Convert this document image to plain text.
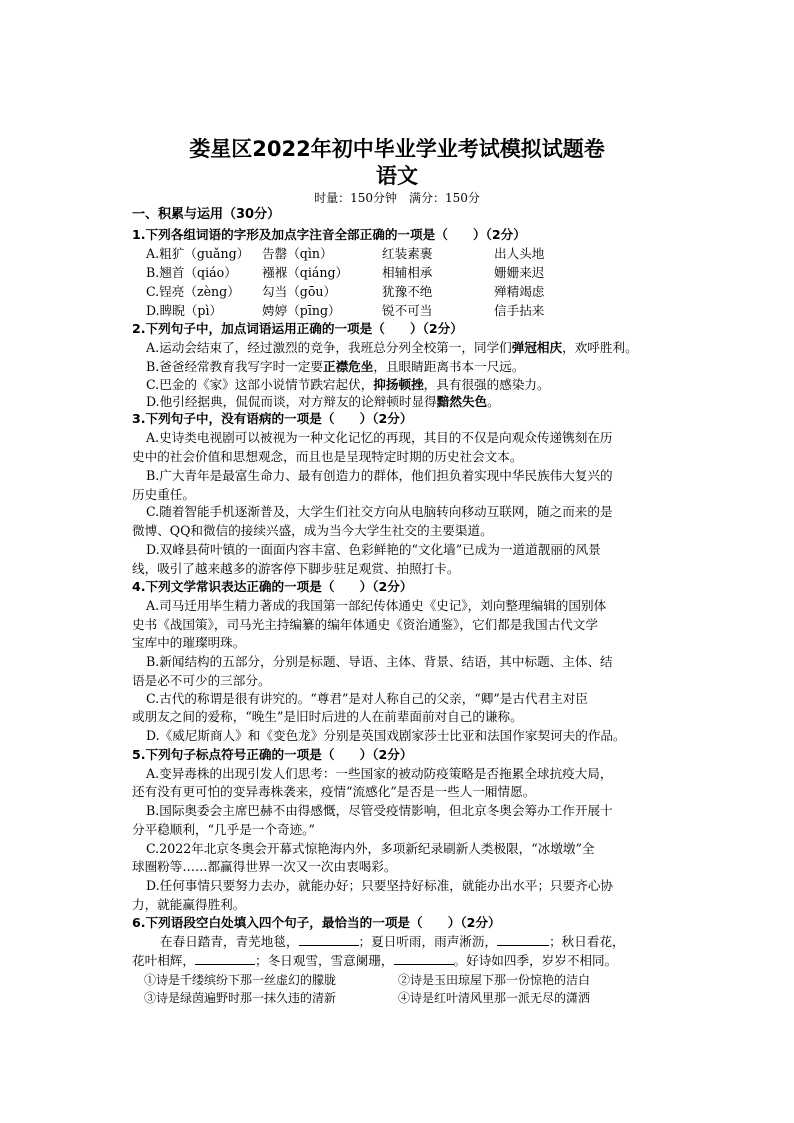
娄星区2022年初中毕业学业考试模拟试题卷
语文
时量：150分钟　满分：150分
一、积累与运用（30分）
1.下列各组词语的字形及加点字注音全部正确的一项是（　　）（2分）
A.粗犷（guǎng） 告罄（qìn）	红装素裹	出人头地
B.翘首（qiáo） 襁褓（qiáng）	相辅相承	姗姗来迟
C.锃亮（zèng） 勾当（gōu）	犹豫不绝	殚精竭虑
D.睥睨（pì）	娉婷（pīng）	锐不可当	信手拈来
2.下列句子中，加点词语运用正确的一项是（　　）（2分）
A.运动会结束了，经过激烈的竞争，我班总分列全校第一，同学们弹冠相庆，欢呼胜利。
B.爸爸经常教育我写字时一定要正襟危坐，且眼睛距离书本一尺远。
C.巴金的《家》这部小说情节跌宕起伏，抑扬顿挫，具有很强的感染力。
D.他引经据典，侃侃而谈，对方辩友的论辩顿时显得黯然失色。
3.下列句子中，没有语病的一项是（　　）（2分）
A.史诗类电视剧可以被视为一种文化记忆的再现，其目的不仅是向观众传递镌刻在历
史中的社会价值和思想观念，而且也是呈现特定时期的历史社会文本。
B.广大青年是最富生命力、最有创造力的群体，他们担负着实现中华民族伟大复兴的
历史重任。
C.随着智能手机逐渐普及，大学生们社交方向从电脑转向移动互联网，随之而来的是
微博、QQ和微信的接续兴盛，成为当今大学生社交的主要渠道。
D.双峰县荷叶镇的一面面内容丰富、色彩鲜艳的“文化墙”已成为一道道靓丽的风景
线，吸引了越来越多的游客停下脚步驻足观赏、拍照打卡。
4.下列文学常识表达正确的一项是（　　）（2分）
A.司马迁用毕生精力著成的我国第一部纪传体通史《史记》，刘向整理编辑的国别体
史书《战国策》，司马光主持编纂的编年体通史《资治通鉴》，它们都是我国古代文学
宝库中的璀璨明珠。
B.新闻结构的五部分，分别是标题、导语、主体、背景、结语，其中标题、主体、结
语是必不可少的三部分。
C.古代的称谓是很有讲究的。“尊君”是对人称自己的父亲，“卿”是古代君主对臣
或朋友之间的爱称，“晚生”是旧时后进的人在前辈面前对自己的谦称。
D.《威尼斯商人》和《变色龙》分别是英国戏剧家莎士比亚和法国作家契诃夫的作品。
5.下列句子标点符号正确的一项是（　　）（2分）
A.变异毒株的出现引发人们思考：一些国家的被动防疫策略是否拖累全球抗疫大局，
还有没有更可怕的变异毒株袭来，疫情“流感化”是否是一些人一厢情愿。
B.国际奥委会主席巴赫不由得感慨，尽管受疫情影响，但北京冬奥会筹办工作开展十
分平稳顺利，“几乎是一个奇迹。”
C.2022年北京冬奥会开幕式惊艳海内外，多项新纪录刷新人类极限，“冰墩墩”全
球圈粉等……都赢得世界一次又一次由衷喝彩。
D.任何事情只要努力去办，就能办好；只要坚持好标准，就能办出水平；只要齐心协
力，就能赢得胜利。
6.下列语段空白处填入四个句子，最恰当的一项是（　　）（2分）
在春日踏青，青芜地毯，	；夏日听雨，雨声淅沥，	；秋日看花，
花叶相辉，	；冬日观雪，雪意阑珊，	。好诗如四季，岁岁不相同。
①诗是千缕缤纷下那一丝虚幻的朦胧	②诗是玉田琼屋下那一份惊艳的洁白
③诗是绿茵遍野时那一抹久违的清新	④诗是红叶清风里那一派无尽的潇洒
